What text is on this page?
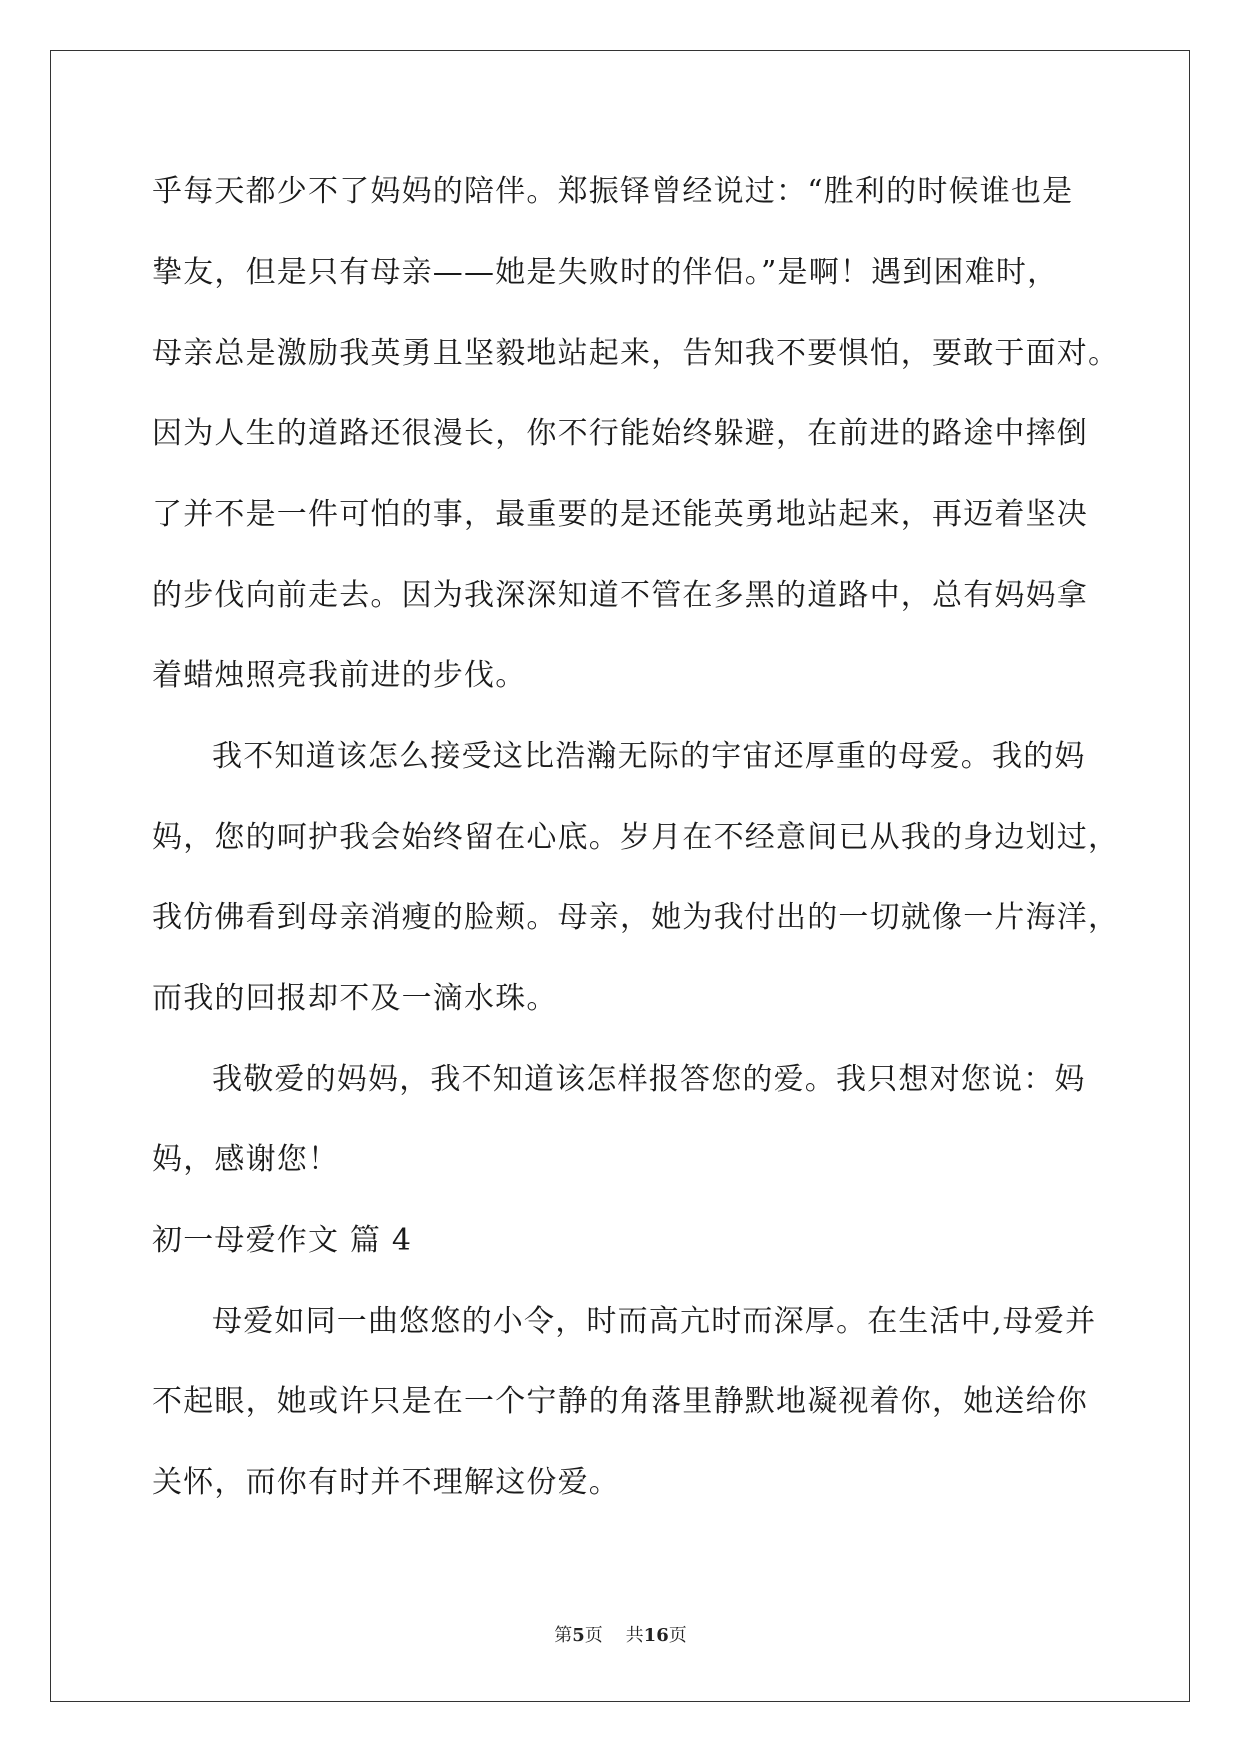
乎每天都少不了妈妈的陪伴。郑振铎曾经说过：“胜利的时候谁也是
挚友，但是只有母亲——她是失败时的伴侣。”是啊！遇到困难时，
母亲总是激励我英勇且坚毅地站起来，告知我不要惧怕，要敢于面对。
因为人生的道路还很漫长，你不行能始终躲避，在前进的路途中摔倒
了并不是一件可怕的事，最重要的是还能英勇地站起来，再迈着坚决
的步伐向前走去。因为我深深知道不管在多黑的道路中，总有妈妈拿
着蜡烛照亮我前进的步伐。
我不知道该怎么接受这比浩瀚无际的宇宙还厚重的母爱。我的妈
妈，您的呵护我会始终留在心底。岁月在不经意间已从我的身边划过，
我仿佛看到母亲消瘦的脸颊。母亲，她为我付出的一切就像一片海洋，
而我的回报却不及一滴水珠。
我敬爱的妈妈，我不知道该怎样报答您的爱。我只想对您说：妈
妈，感谢您！
初一母爱作文 篇 4
母爱如同一曲悠悠的小令，时而高亢时而深厚。在生活中,母爱并
不起眼，她或许只是在一个宁静的角落里静默地凝视着你，她送给你
关怀，而你有时并不理解这份爱。
第5页 共16页
